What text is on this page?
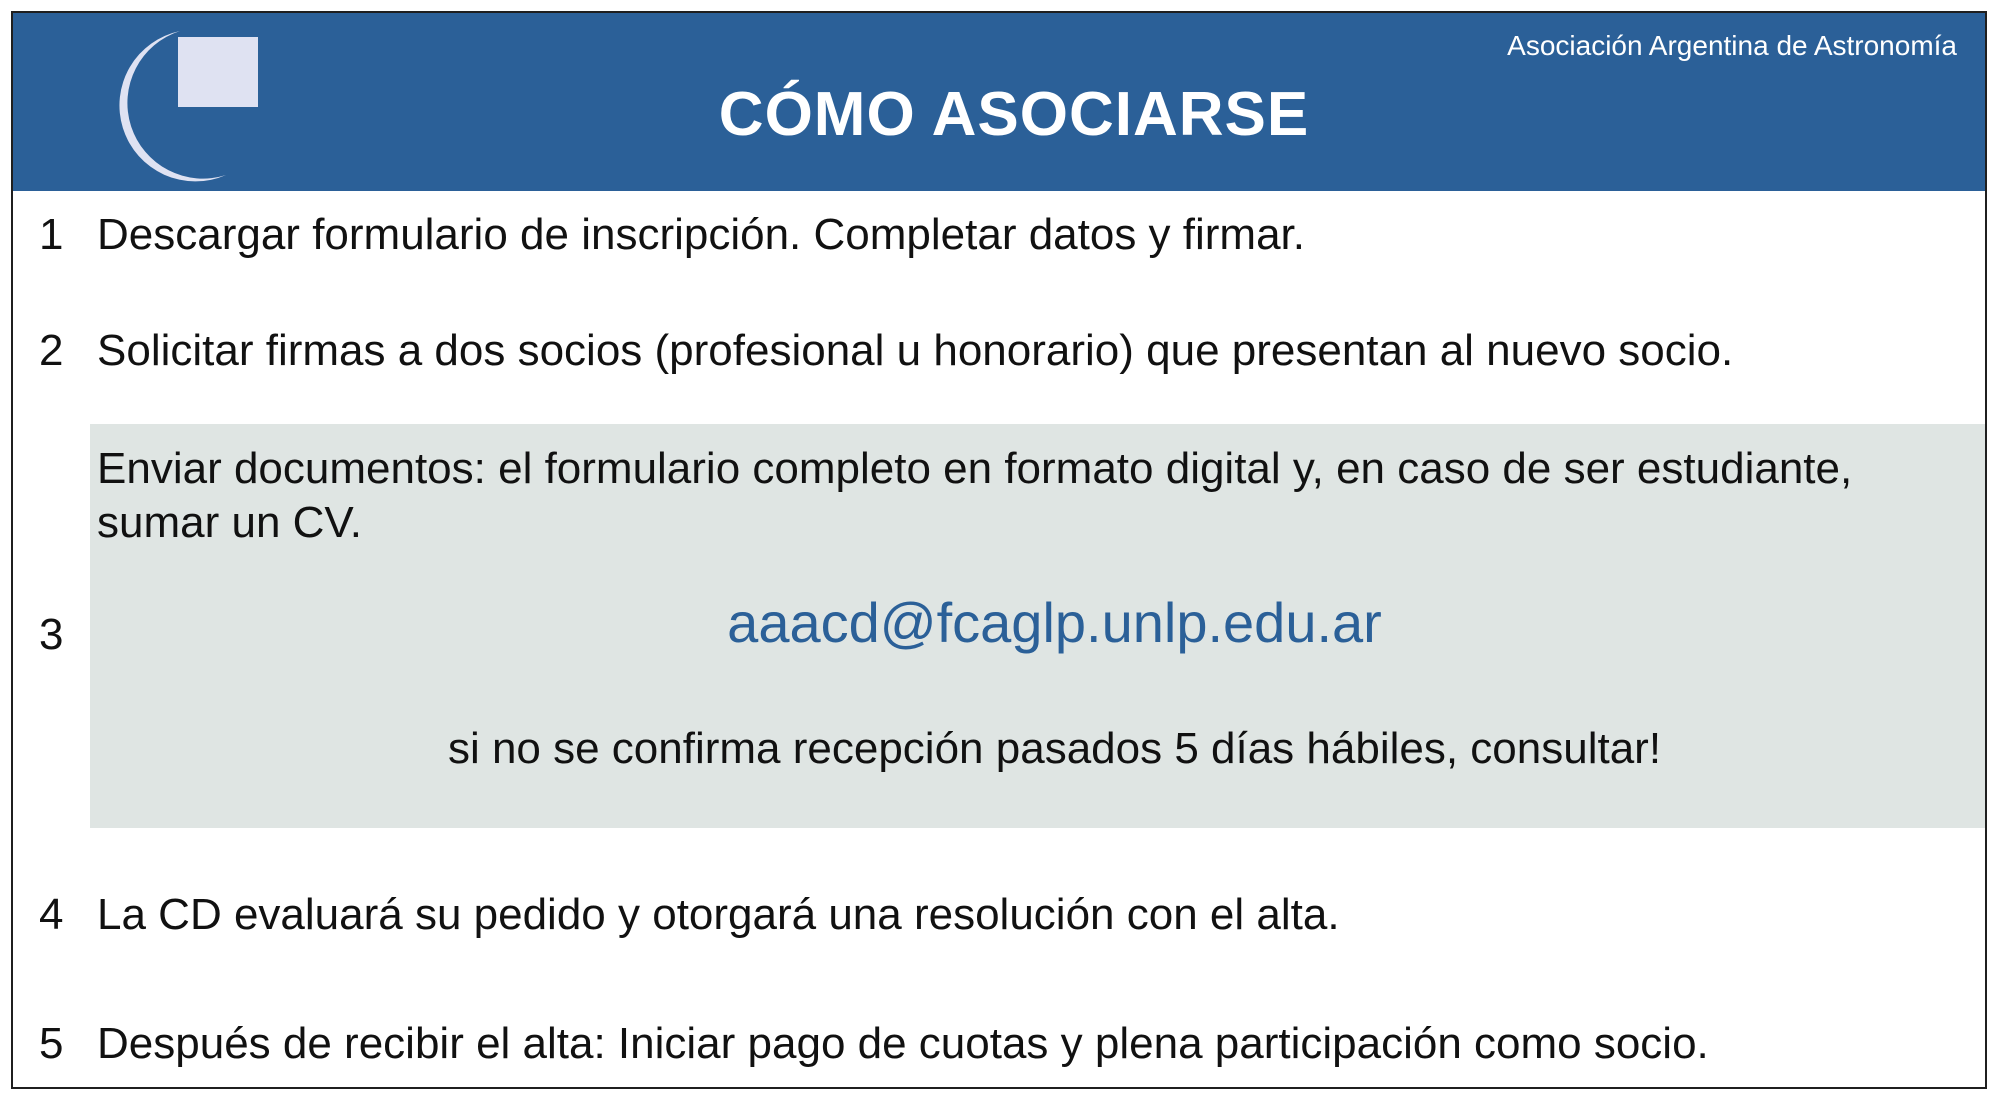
Asociación Argentina de Astronomía
CÓMO ASOCIARSE
1 Descargar formulario de inscripción. Completar datos y firmar.
2 Solicitar firmas a dos socios (profesional u honorario) que presentan al nuevo socio.
Enviar documentos: el formulario completo en formato digital y, en caso de ser estudiante, sumar un CV.
aaacd@fcaglp.unlp.edu.ar
si no se confirma recepción pasados 5 días hábiles, consultar!
3
4 La CD evaluará su pedido y otorgará una resolución con el alta.
5 Después de recibir el alta: Iniciar pago de cuotas y plena participación como socio.
